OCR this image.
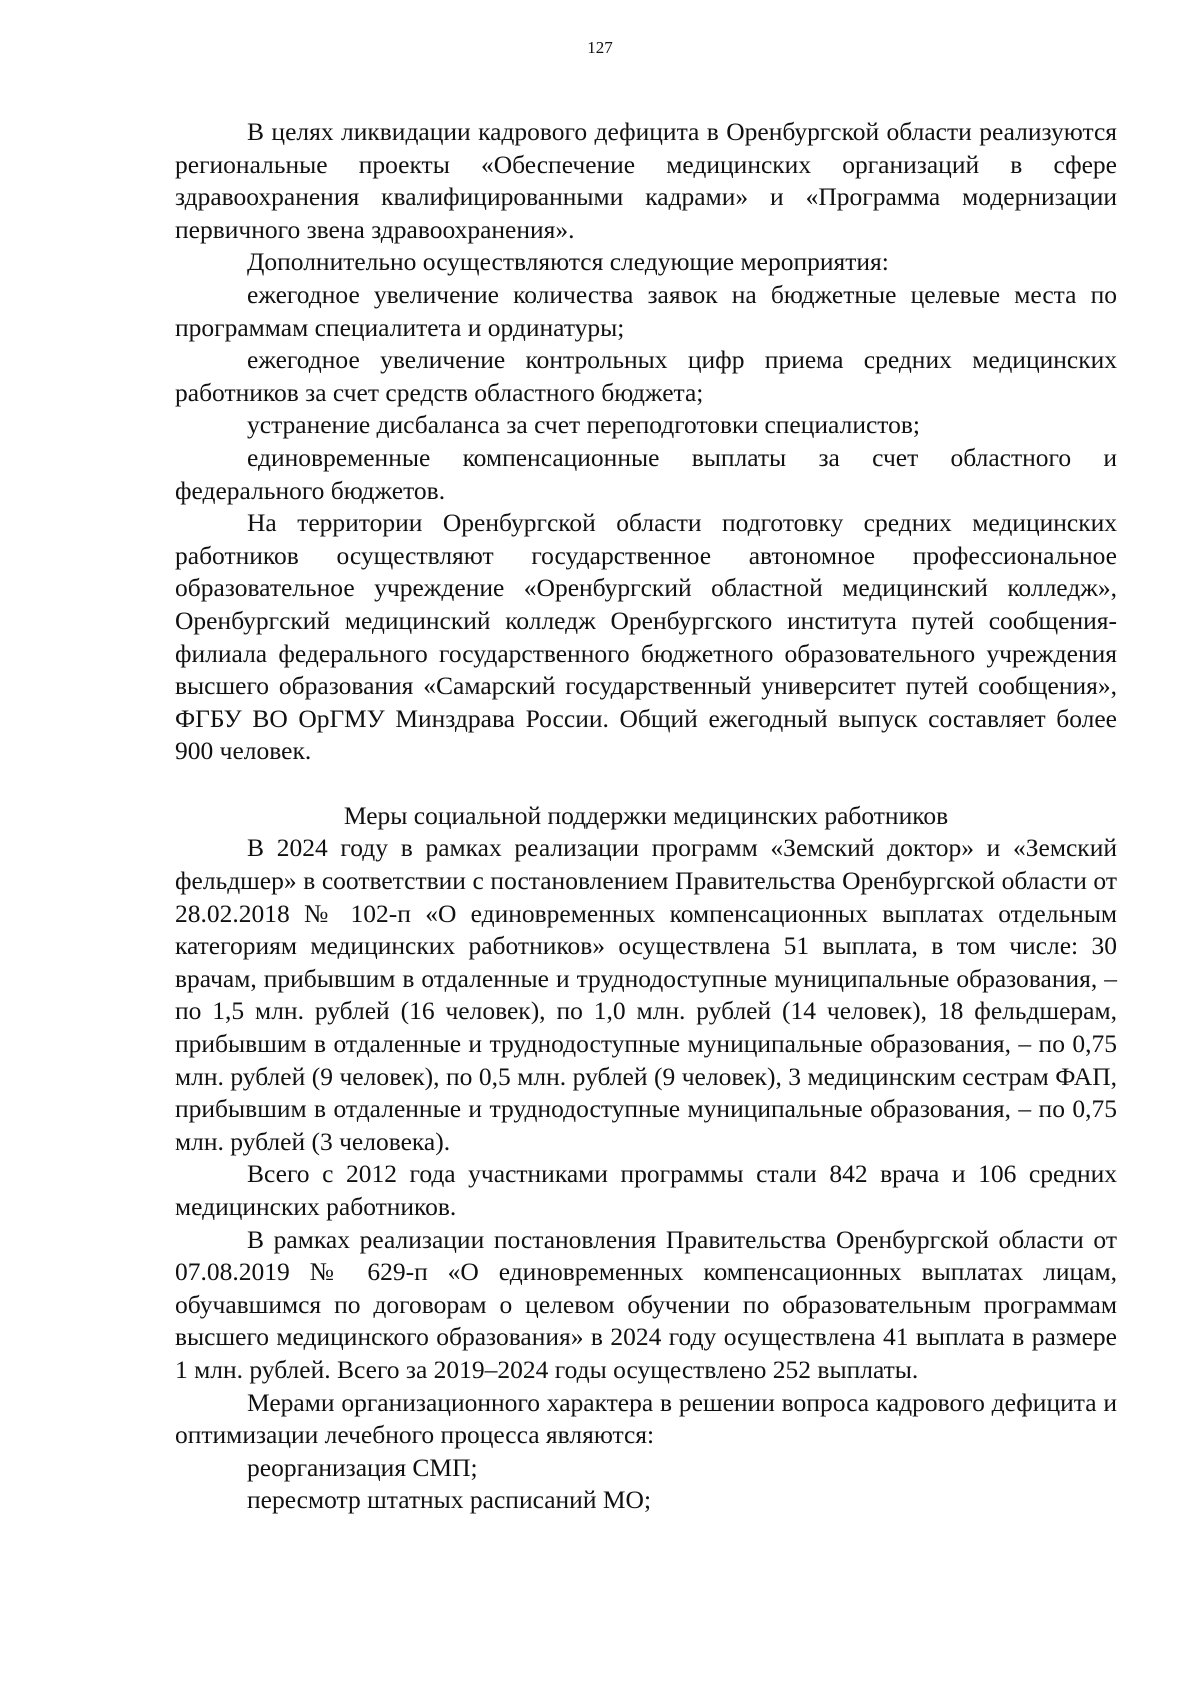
127

В целях ликвидации кадрового дефицита в Оренбургской области реализуются региональные проекты «Обеспечение медицинских организаций в сфере здравоохранения квалифицированными кадрами» и «Программа модернизации первичного звена здравоохранения».

Дополнительно осуществляются следующие мероприятия:

ежегодное увеличение количества заявок на бюджетные целевые места по программам специалитета и ординатуры;

ежегодное увеличение контрольных цифр приема средних медицинских работников за счет средств областного бюджета;

устранение дисбаланса за счет переподготовки специалистов;

единовременные компенсационные выплаты за счет областного и федерального бюджетов.

На территории Оренбургской области подготовку средних медицинских работников осуществляют государственное автономное профессиональное образовательное учреждение «Оренбургский областной медицинский колледж», Оренбургский медицинский колледж Оренбургского института путей сообщения-филиала федерального государственного бюджетного образовательного учреждения высшего образования «Самарский государственный университет путей сообщения», ФГБУ ВО ОрГМУ Минздрава России. Общий ежегодный выпуск составляет более 900 человек.

Меры социальной поддержки медицинских работников

В 2024 году в рамках реализации программ «Земский доктор» и «Земский фельдшер» в соответствии с постановлением Правительства Оренбургской области от 28.02.2018 № 102-п «О единовременных компенсационных выплатах отдельным категориям медицинских работников» осуществлена 51 выплата, в том числе: 30 врачам, прибывшим в отдаленные и труднодоступные муниципальные образования, – по 1,5 млн. рублей (16 человек), по 1,0 млн. рублей (14 человек), 18 фельдшерам, прибывшим в отдаленные и труднодоступные муниципальные образования, – по 0,75 млн. рублей (9 человек), по 0,5 млн. рублей (9 человек), 3 медицинским сестрам ФАП, прибывшим в отдаленные и труднодоступные муниципальные образования, – по 0,75 млн. рублей (3 человека).

Всего с 2012 года участниками программы стали 842 врача и 106 средних медицинских работников.

В рамках реализации постановления Правительства Оренбургской области от 07.08.2019 № 629-п «О единовременных компенсационных выплатах лицам, обучавшимся по договорам о целевом обучении по образовательным программам высшего медицинского образования» в 2024 году осуществлена 41 выплата в размере 1 млн. рублей. Всего за 2019–2024 годы осуществлено 252 выплаты.

Мерами организационного характера в решении вопроса кадрового дефицита и оптимизации лечебного процесса являются:

реорганизация СМП;

пересмотр штатных расписаний МО;
